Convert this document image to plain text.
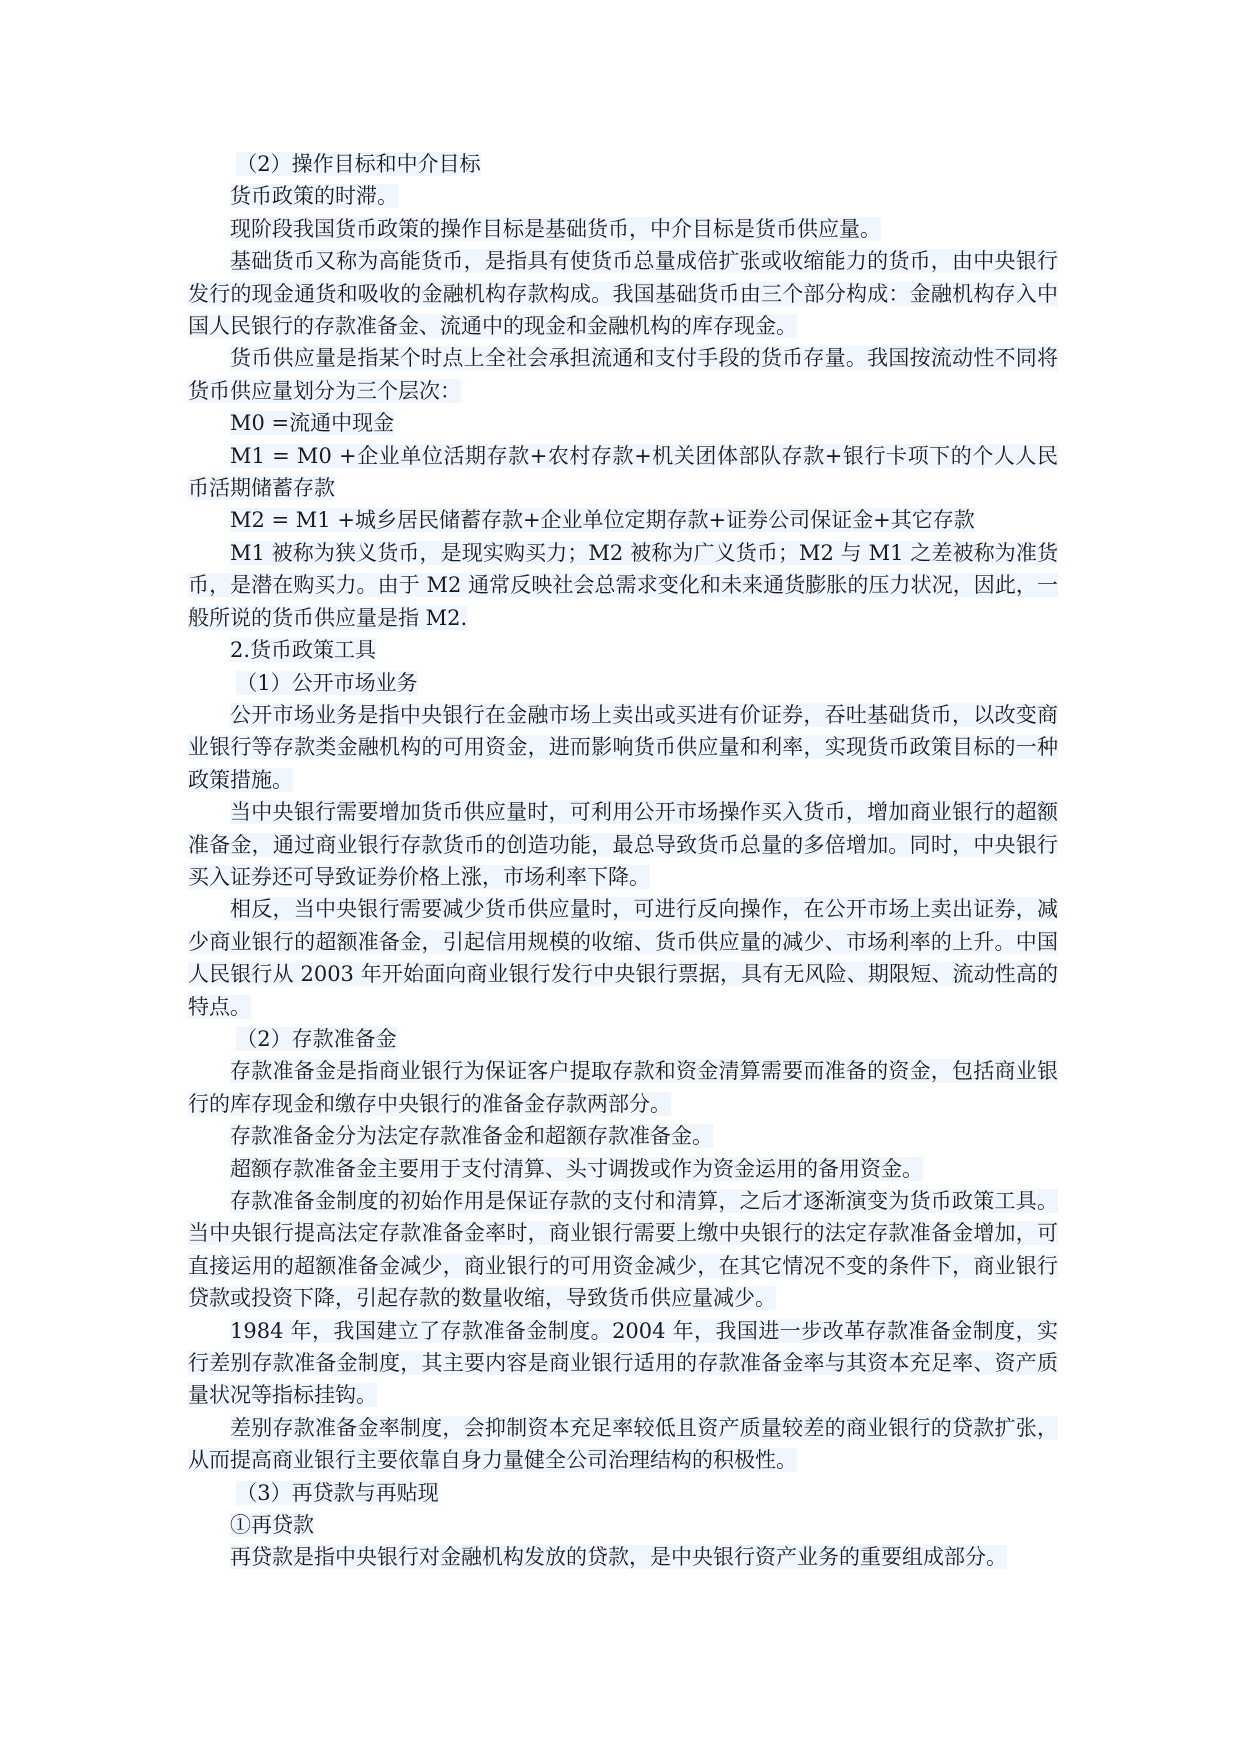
（2）操作目标和中介目标

货币政策的时滞。

现阶段我国货币政策的操作目标是基础货币，中介目标是货币供应量。

基础货币又称为高能货币，是指具有使货币总量成倍扩张或收缩能力的货币，由中央银行发行的现金通货和吸收的金融机构存款构成。我国基础货币由三个部分构成：金融机构存入中国人民银行的存款准备金、流通中的现金和金融机构的库存现金。

货币供应量是指某个时点上全社会承担流通和支付手段的货币存量。我国按流动性不同将货币供应量划分为三个层次：

M0 =流通中现金

M1 = M0 +企业单位活期存款+农村存款+机关团体部队存款+银行卡项下的个人人民币活期储蓄存款

M2 = M1 +城乡居民储蓄存款+企业单位定期存款+证券公司保证金+其它存款

M1 被称为狭义货币，是现实购买力；M2 被称为广义货币；M2 与 M1 之差被称为准货币，是潜在购买力。由于 M2 通常反映社会总需求变化和未来通货膨胀的压力状况，因此，一般所说的货币供应量是指 M2.

2.货币政策工具

（1）公开市场业务

公开市场业务是指中央银行在金融市场上卖出或买进有价证券，吞吐基础货币，以改变商业银行等存款类金融机构的可用资金，进而影响货币供应量和利率，实现货币政策目标的一种政策措施。

当中央银行需要增加货币供应量时，可利用公开市场操作买入货币，增加商业银行的超额准备金，通过商业银行存款货币的创造功能，最总导致货币总量的多倍增加。同时，中央银行买入证券还可导致证券价格上涨，市场利率下降。

相反，当中央银行需要减少货币供应量时，可进行反向操作，在公开市场上卖出证券，减少商业银行的超额准备金，引起信用规模的收缩、货币供应量的减少、市场利率的上升。中国人民银行从 2003 年开始面向商业银行发行中央银行票据，具有无风险、期限短、流动性高的特点。

（2）存款准备金

存款准备金是指商业银行为保证客户提取存款和资金清算需要而准备的资金，包括商业银行的库存现金和缴存中央银行的准备金存款两部分。

存款准备金分为法定存款准备金和超额存款准备金。

超额存款准备金主要用于支付清算、头寸调拨或作为资金运用的备用资金。

存款准备金制度的初始作用是保证存款的支付和清算，之后才逐渐演变为货币政策工具。当中央银行提高法定存款准备金率时，商业银行需要上缴中央银行的法定存款准备金增加，可直接运用的超额准备金减少，商业银行的可用资金减少，在其它情况不变的条件下，商业银行贷款或投资下降，引起存款的数量收缩，导致货币供应量减少。

1984 年，我国建立了存款准备金制度。2004 年，我国进一步改革存款准备金制度，实行差别存款准备金制度，其主要内容是商业银行适用的存款准备金率与其资本充足率、资产质量状况等指标挂钩。

差别存款准备金率制度，会抑制资本充足率较低且资产质量较差的商业银行的贷款扩张，从而提高商业银行主要依靠自身力量健全公司治理结构的积极性。

（3）再贷款与再贴现

①再贷款

再贷款是指中央银行对金融机构发放的贷款，是中央银行资产业务的重要组成部分。
